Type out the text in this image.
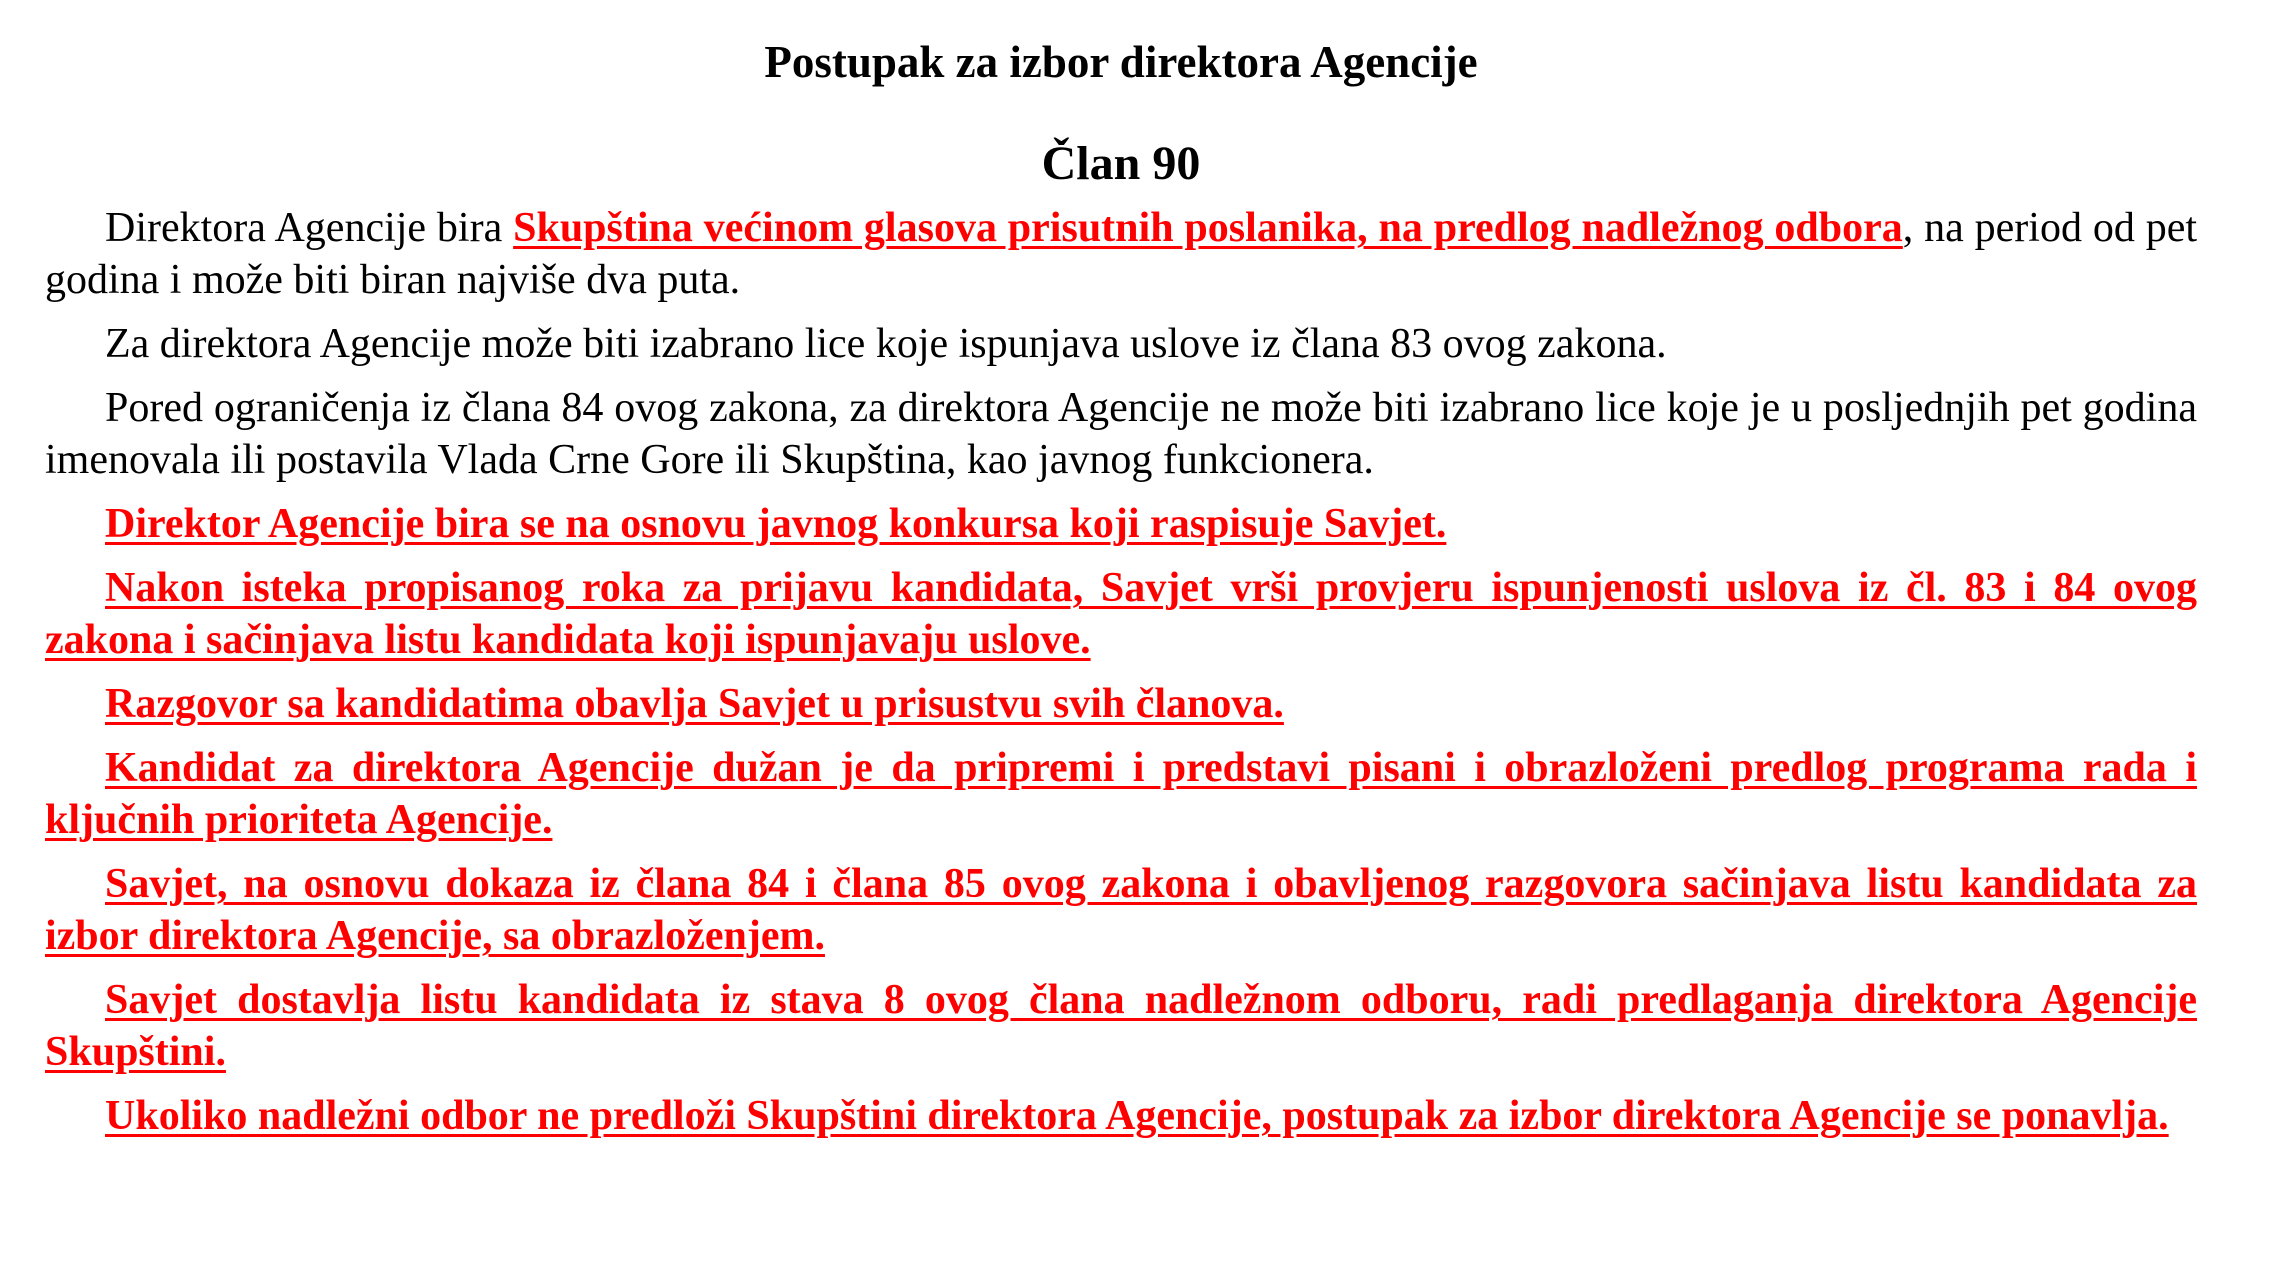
Postupak za izbor direktora Agencije
Član 90

Direktora Agencije bira Skupština većinom glasova prisutnih poslanika, na predlog nadležnog odbora, na period od pet godina i može biti biran najviše dva puta.

Za direktora Agencije može biti izabrano lice koje ispunjava uslove iz člana 83 ovog zakona.

Pored ograničenja iz člana 84 ovog zakona, za direktora Agencije ne može biti izabrano lice koje je u posljednjih pet godina imenovala ili postavila Vlada Crne Gore ili Skupština, kao javnog funkcionera.

Direktor Agencije bira se na osnovu javnog konkursa koji raspisuje Savjet.

Nakon isteka propisanog roka za prijavu kandidata, Savjet vrši provjeru ispunjenosti uslova iz čl. 83 i 84 ovog zakona i sačinjava listu kandidata koji ispunjavaju uslove.

Razgovor sa kandidatima obavlja Savjet u prisustvu svih članova.

Kandidat za direktora Agencije dužan je da pripremi i predstavi pisani i obrazloženi predlog programa rada i ključnih prioriteta Agencije.

Savjet, na osnovu dokaza iz člana 84 i člana 85 ovog zakona i obavljenog razgovora sačinjava listu kandidata za izbor direktora Agencije, sa obrazloženjem.

Savjet dostavlja listu kandidata iz stava 8 ovog člana nadležnom odboru, radi predlaganja direktora Agencije Skupštini.

Ukoliko nadležni odbor ne predloži Skupštini direktora Agencije, postupak za izbor direktora Agencije se ponavlja.
